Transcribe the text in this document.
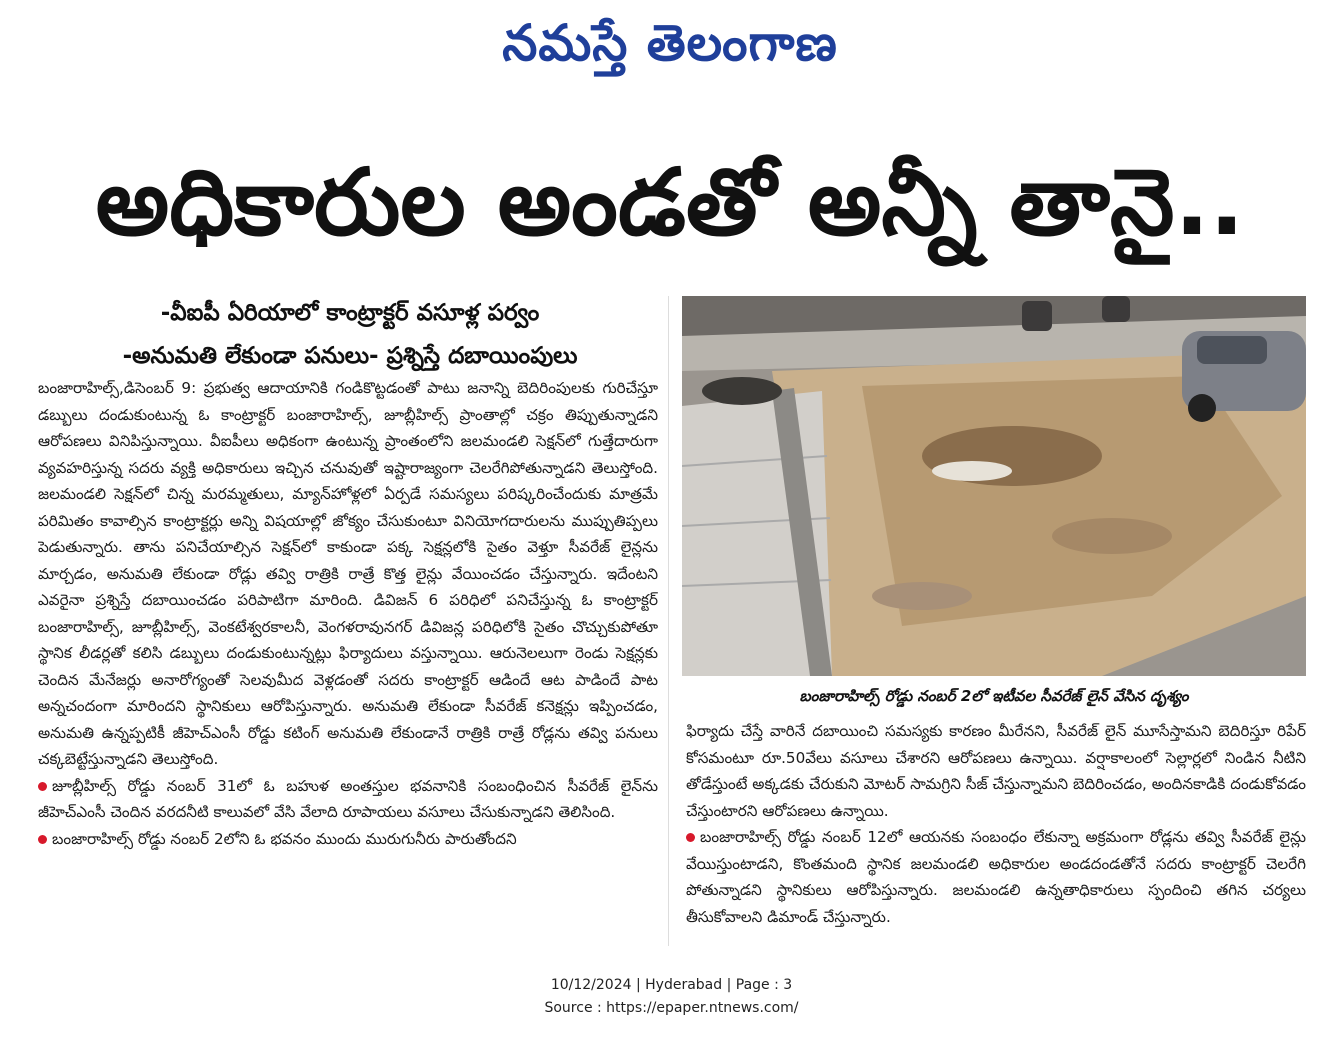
నమస్తే తెలంగాణ
అధికారుల అండతో అన్నీ తానై..
-వీఐపీ ఏరియాలో కాంట్రాక్టర్ వసూళ్ల పర్వం
-అనుమతి లేకుండా పనులు- ప్రశ్నిస్తే దబాయింపులు

బంజారాహిల్స్,డిసెంబర్ 9: ప్రభుత్వ ఆదాయానికి గండికొట్టడంతో పాటు జనాన్ని బెదిరింపులకు గురిచేస్తూ డబ్బులు దండుకుంటున్న ఓ కాంట్రాక్టర్ బంజారాహిల్స్, జూబ్లీహిల్స్ ప్రాంతాల్లో చక్రం తిప్పుతున్నాడని ఆరోపణలు వినిపిస్తున్నాయి. వీఐపీలు అధికంగా ఉంటున్న ప్రాంతంలోని జలమండలి సెక్షన్‌లో గుత్తేదారుగా వ్యవహరిస్తున్న సదరు వ్యక్తి అధికారులు ఇచ్చిన చనువుతో ఇష్టారాజ్యంగా చెలరేగిపోతున్నాడని తెలుస్తోంది. జలమండలి సెక్షన్‌లో చిన్న మరమ్మతులు, మ్యాన్‌హోళ్లలో ఏర్పడే సమస్యలు పరిష్కరించేందుకు మాత్రమే పరిమితం కావాల్సిన కాంట్రాక్టర్లు అన్ని విషయాల్లో జోక్యం చేసుకుంటూ వినియోగదారులను ముప్పుతిప్పలు పెడుతున్నారు. తాను పనిచేయాల్సిన సెక్షన్‌లో కాకుండా పక్క సెక్షన్లలోకి సైతం వెళ్తూ సీవరేజ్ లైన్లను మార్చడం, అనుమతి లేకుండా రోడ్లు తవ్వి రాత్రికి రాత్రే కొత్త లైన్లు వేయించడం చేస్తున్నారు. ఇదేంటని ఎవరైనా ప్రశ్నిస్తే దబాయించడం పరిపాటిగా మారింది. డివిజన్ 6 పరిధిలో పనిచేస్తున్న ఓ కాంట్రాక్టర్ బంజారాహిల్స్, జూబ్లీహిల్స్, వెంకటేశ్వరకాలనీ, వెంగళరావునగర్ డివిజన్ల పరిధిలోకి సైతం చొచ్చుకుపోతూ స్థానిక లీడర్లతో కలిసి డబ్బులు దండుకుంటున్నట్లు ఫిర్యాదులు వస్తున్నాయి. ఆరునెలలుగా రెండు సెక్షన్లకు చెందిన మేనేజర్లు అనారోగ్యంతో సెలవుమీద వెళ్లడంతో సదరు కాంట్రాక్టర్ ఆడిందే ఆట పాడిందే పాట అన్నచందంగా మారిందని స్థానికులు ఆరోపిస్తున్నారు. అనుమతి లేకుండా సీవరేజ్ కనెక్షన్లు ఇప్పించడం, అనుమతి ఉన్నప్పటికీ జీహెచ్‌ఎంసీ రోడ్డు కటింగ్ అనుమతి లేకుండానే రాత్రికి రాత్రే రోడ్లను తవ్వి పనులు చక్కబెట్టేస్తున్నాడని తెలుస్తోంది.

జూబ్లీహిల్స్ రోడ్డు నంబర్ 31లో ఓ బహుళ అంతస్తుల భవనానికి సంబంధించిన సీవరేజ్ లైన్‌ను జీహెచ్‌ఎంసీ చెందిన వరదనీటి కాలువలో వేసి వేలాది రూపాయలు వసూలు చేసుకున్నాడని తెలిసింది.

బంజారాహిల్స్ రోడ్డు నంబర్ 2లోని ఓ భవనం ముందు మురుగునీరు పారుతోందని

బంజారాహిల్స్ రోడ్డు నంబర్ 2లో ఇటీవల సీవరేజ్ లైన్ వేసిన దృశ్యం

ఫిర్యాదు చేస్తే వారినే దబాయించి సమస్యకు కారణం మీరేనని, సీవరేజ్ లైన్ మూసేస్తామని బెదిరిస్తూ రిపేర్ కోసమంటూ రూ.50వేలు వసూలు చేశారని ఆరోపణలు ఉన్నాయి. వర్షాకాలంలో సెల్లార్లలో నిండిన నీటిని తోడేస్తుంటే అక్కడకు చేరుకుని మోటర్ సామగ్రిని సీజ్ చేస్తున్నామని బెదిరించడం, అందినకాడికి దండుకోవడం చేస్తుంటారని ఆరోపణలు ఉన్నాయి.

బంజారాహిల్స్ రోడ్డు నంబర్ 12లో ఆయనకు సంబంధం లేకున్నా అక్రమంగా రోడ్లను తవ్వి సీవరేజ్ లైన్లు వేయిస్తుంటాడని, కొంతమంది స్థానిక జలమండలి అధికారుల అండదండతోనే సదరు కాంట్రాక్టర్ చెలరేగి పోతున్నాడని స్థానికులు ఆరోపిస్తున్నారు. జలమండలి ఉన్నతాధికారులు స్పందించి తగిన చర్యలు తీసుకోవాలని డిమాండ్ చేస్తున్నారు.

10/12/2024 | Hyderabad | Page : 3
Source : https://epaper.ntnews.com/
